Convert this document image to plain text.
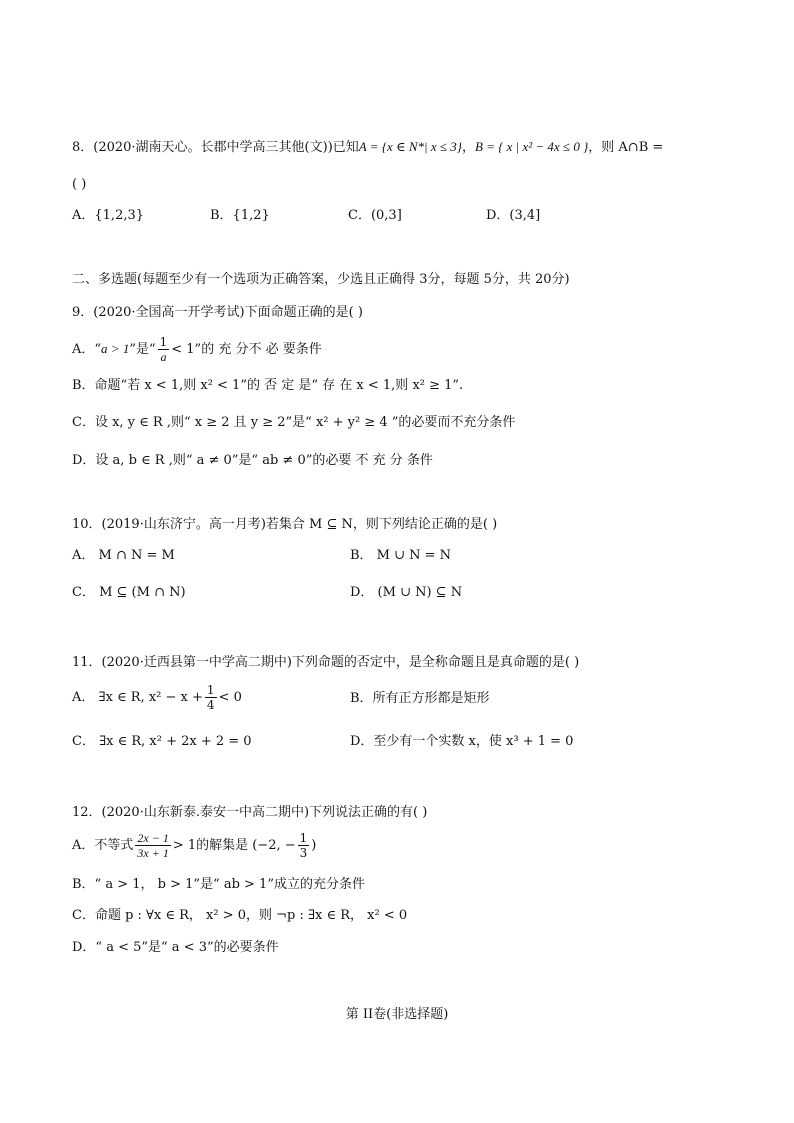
8．(2020·湖南天心。长郡中学高三其他(文))已知A = {x ∈ N*| x ≤ 3}，B = { x | x² − 4x ≤ 0 }，则 A∩B =
( )
A．{1,2,3}	B．{1,2}	C．(0,3]	D．(3,4]
二、多选题(每题至少有一个选项为正确答案，少选且正确得 3分，每题 5分，共 20分)
9．(2020·全国高一开学考试)下面命题正确的是( )
A．“a > 1”是“ $\frac{1}{a} < 1$”的 充 分不 必 要条件
B．命题“若 x < 1,则 x² < 1”的 否 定 是“ 存 在 x < 1,则 x² ≥ 1”.
C．设 x, y ∈ R ,则“ x ≥ 2 且 y ≥ 2”是“ x² + y² ≥ 4 ”的必要而不充分条件
D．设 a, b ∈ R ,则“ a ≠ 0”是“ ab ≠ 0”的必要 不 充 分 条件
10．(2019·山东济宁。高一月考)若集合 M ⊆ N，则下列结论正确的是( )
A． M ∩ N = M	B． M ∪ N = N
C． M ⊆ (M ∩ N)	D． (M ∪ N) ⊆ N
11．(2020·迁西县第一中学高二期中)下列命题的否定中，是全称命题且是真命题的是( )
A． ∃x ∈ R, $x^2 - x + \frac{1}{4} < 0$	B．所有正方形都是矩形
C． ∃x ∈ R, x² + 2x + 2 = 0	D．至少有一个实数 x，使 x³ + 1 = 0
12．(2020·山东新泰.泰安一中高二期中)下列说法正确的有( )
A．不等式 $\frac{2x - 1}{3x + 1} > 1$的解集是 (−2, − $\frac{1}{3}$ )
B．“ a > 1， b > 1”是“ ab > 1”成立的充分条件
C．命题 p : ∀x ∈ R， x² > 0，则 ¬p : ∃x ∈ R， x² < 0
D．“ a < 5”是“ a < 3”的必要条件
第 II卷(非选择题)
